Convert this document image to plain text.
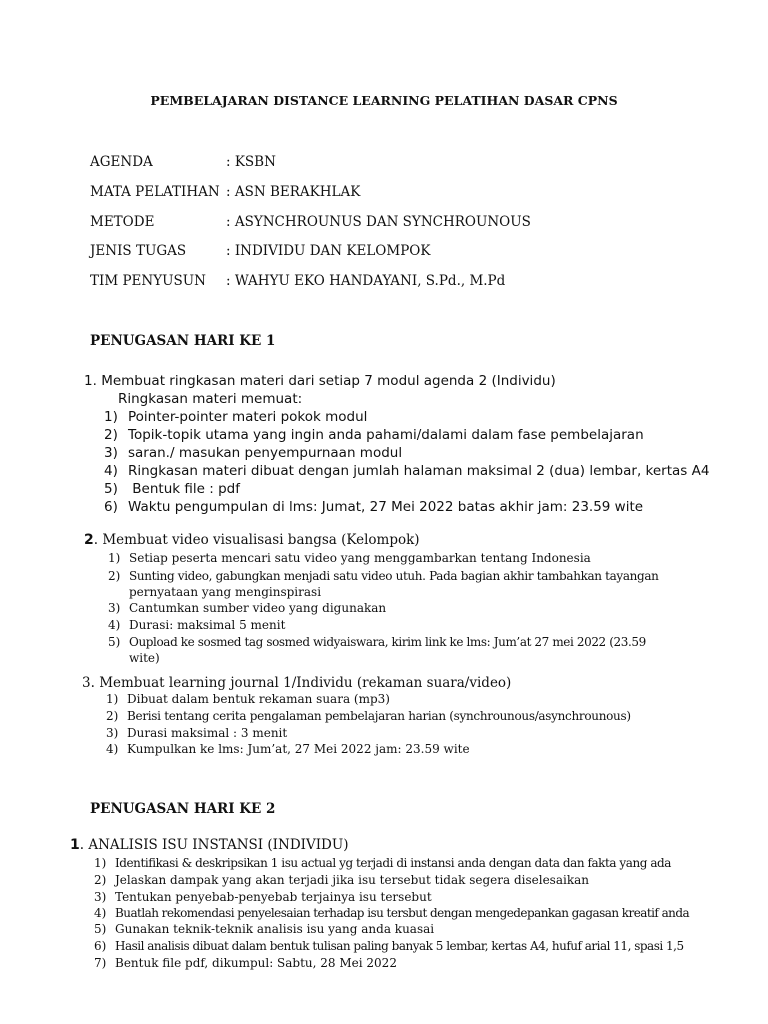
PEMBELAJARAN DISTANCE LEARNING PELATIHAN DASAR CPNS
AGENDA	: KSBN
MATA PELATIHAN : ASN BERAKHLAK
METODE	: ASYNCHROUNUS DAN SYNCHROUNOUS
JENIS TUGAS	: INDIVIDU DAN KELOMPOK
TIM PENYUSUN : WAHYU EKO HANDAYANI, S.Pd., M.Pd
PENUGASAN HARI KE 1
1. Membuat ringkasan materi dari setiap 7 modul agenda 2 (Individu)
Ringkasan materi memuat:
1) Pointer-pointer materi pokok modul
2) Topik-topik utama yang ingin anda pahami/dalami dalam fase pembelajaran
3) saran./ masukan penyempurnaan modul
4) Ringkasan materi dibuat dengan jumlah halaman maksimal 2 (dua) lembar, kertas A4
5) Bentuk file : pdf
6) Waktu pengumpulan di lms: Jumat, 27 Mei 2022 batas akhir jam: 23.59 wite
2. Membuat video visualisasi bangsa (Kelompok)
1) Setiap peserta mencari satu video yang menggambarkan tentang Indonesia
2) Sunting video, gabungkan menjadi satu video utuh. Pada bagian akhir tambahkan tayangan
pernyataan yang menginspirasi
3) Cantumkan sumber video yang digunakan
4) Durasi: maksimal 5 menit
5) Oupload ke sosmed tag sosmed widyaiswara, kirim link ke lms: Jum’at 27 mei 2022 (23.59
wite)
3. Membuat learning journal 1/Individu (rekaman suara/video)
1) Dibuat dalam bentuk rekaman suara (mp3)
2) Berisi tentang cerita pengalaman pembelajaran harian (synchrounous/asynchrounous)
3) Durasi maksimal : 3 menit
4) Kumpulkan ke lms: Jum’at, 27 Mei 2022 jam: 23.59 wite
PENUGASAN HARI KE 2
1. ANALISIS ISU INSTANSI (INDIVIDU)
1) Identifikasi & deskripsikan 1 isu actual yg terjadi di instansi anda dengan data dan fakta yang ada
2) Jelaskan dampak yang akan terjadi jika isu tersebut tidak segera diselesaikan
3) Tentukan penyebab-penyebab terjainya isu tersebut
4) Buatlah rekomendasi penyelesaian terhadap isu tersbut dengan mengedepankan gagasan kreatif anda
5) Gunakan teknik-teknik analisis isu yang anda kuasai
6) Hasil analisis dibuat dalam bentuk tulisan paling banyak 5 lembar, kertas A4, hufuf arial 11, spasi 1,5
7) Bentuk file pdf, dikumpul: Sabtu, 28 Mei 2022
